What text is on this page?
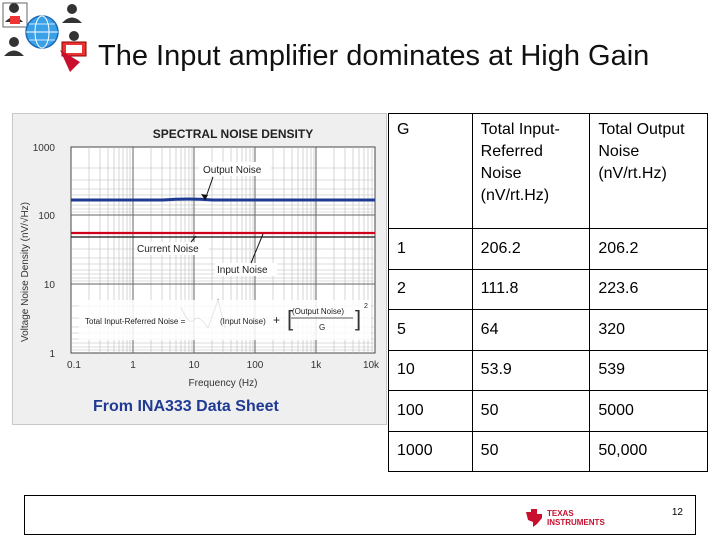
The Input amplifier dominates at High Gain
SPECTRAL NOISE DENSITY
Voltage Noise Density (nV/√Hz)
1000
100
10
1
0.1	1	10	100	1k	10k
Frequency (Hz)
Output Noise
Current Noise
Input Noise
Total Input-Referred Noise =	(Input Noise) + [
(Output Noise)
G ] 2
From INA333 Data Sheet
G	Total Input-Referred Noise (nV/rt.Hz)	Total Output Noise (nV/rt.Hz)
1	206.2	206.2
2	111.8	223.6
5	64	320
10	53.9	539
100	50	5000
1000	50	50,000
TEXAS
INSTRUMENTS
12
